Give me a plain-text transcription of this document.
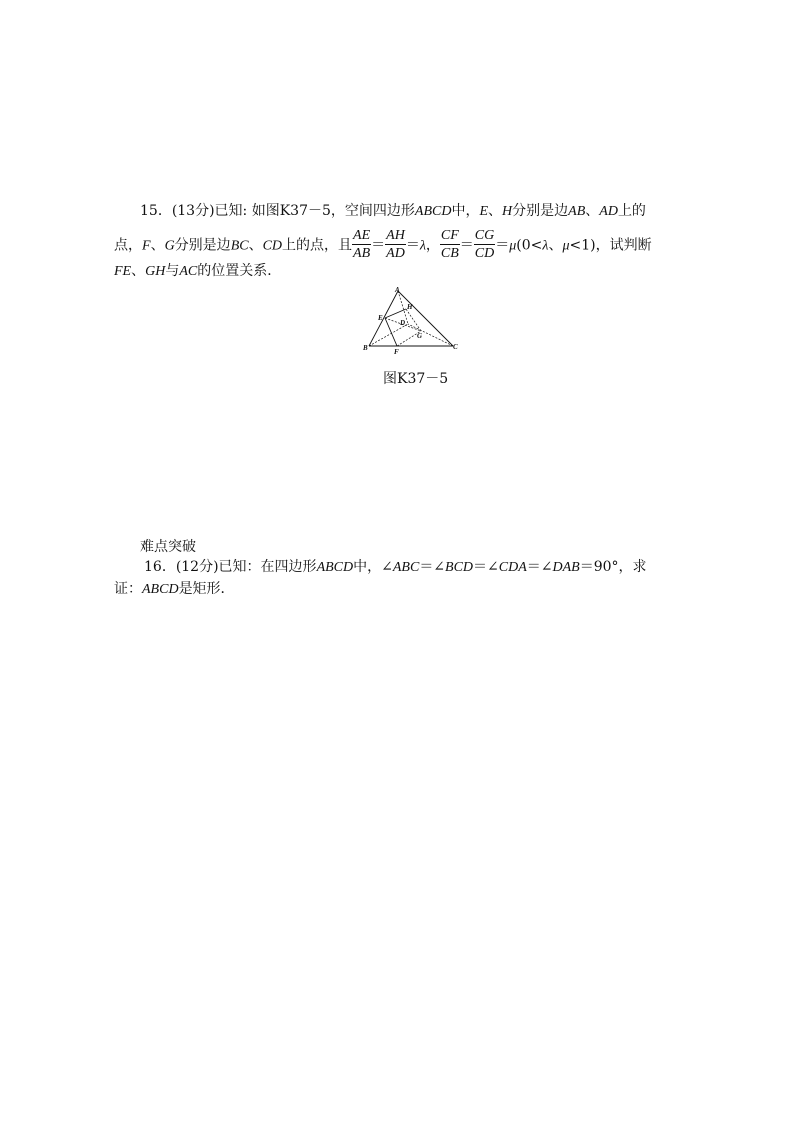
15．(13分)已知: 如图K37－5，空间四边形ABCD中，E、H分别是边AB、AD上的
点，F、G分别是边BC、CD上的点，且 $\frac{AE}{AB} = \frac{AH}{AD} =\lambda$， $\frac{CF}{CB} = \frac{CG}{CD} =\mu(0<\lambda$、μ<1)，试判断
FE、GH与AC的位置关系．
A
B	C
D
E
F
G
H
图K37－5
难点突破
16．(12分)已知：在四边形ABCD中，∠ABC＝∠BCD＝∠CDA＝∠DAB＝90°，求
证：ABCD是矩形．
